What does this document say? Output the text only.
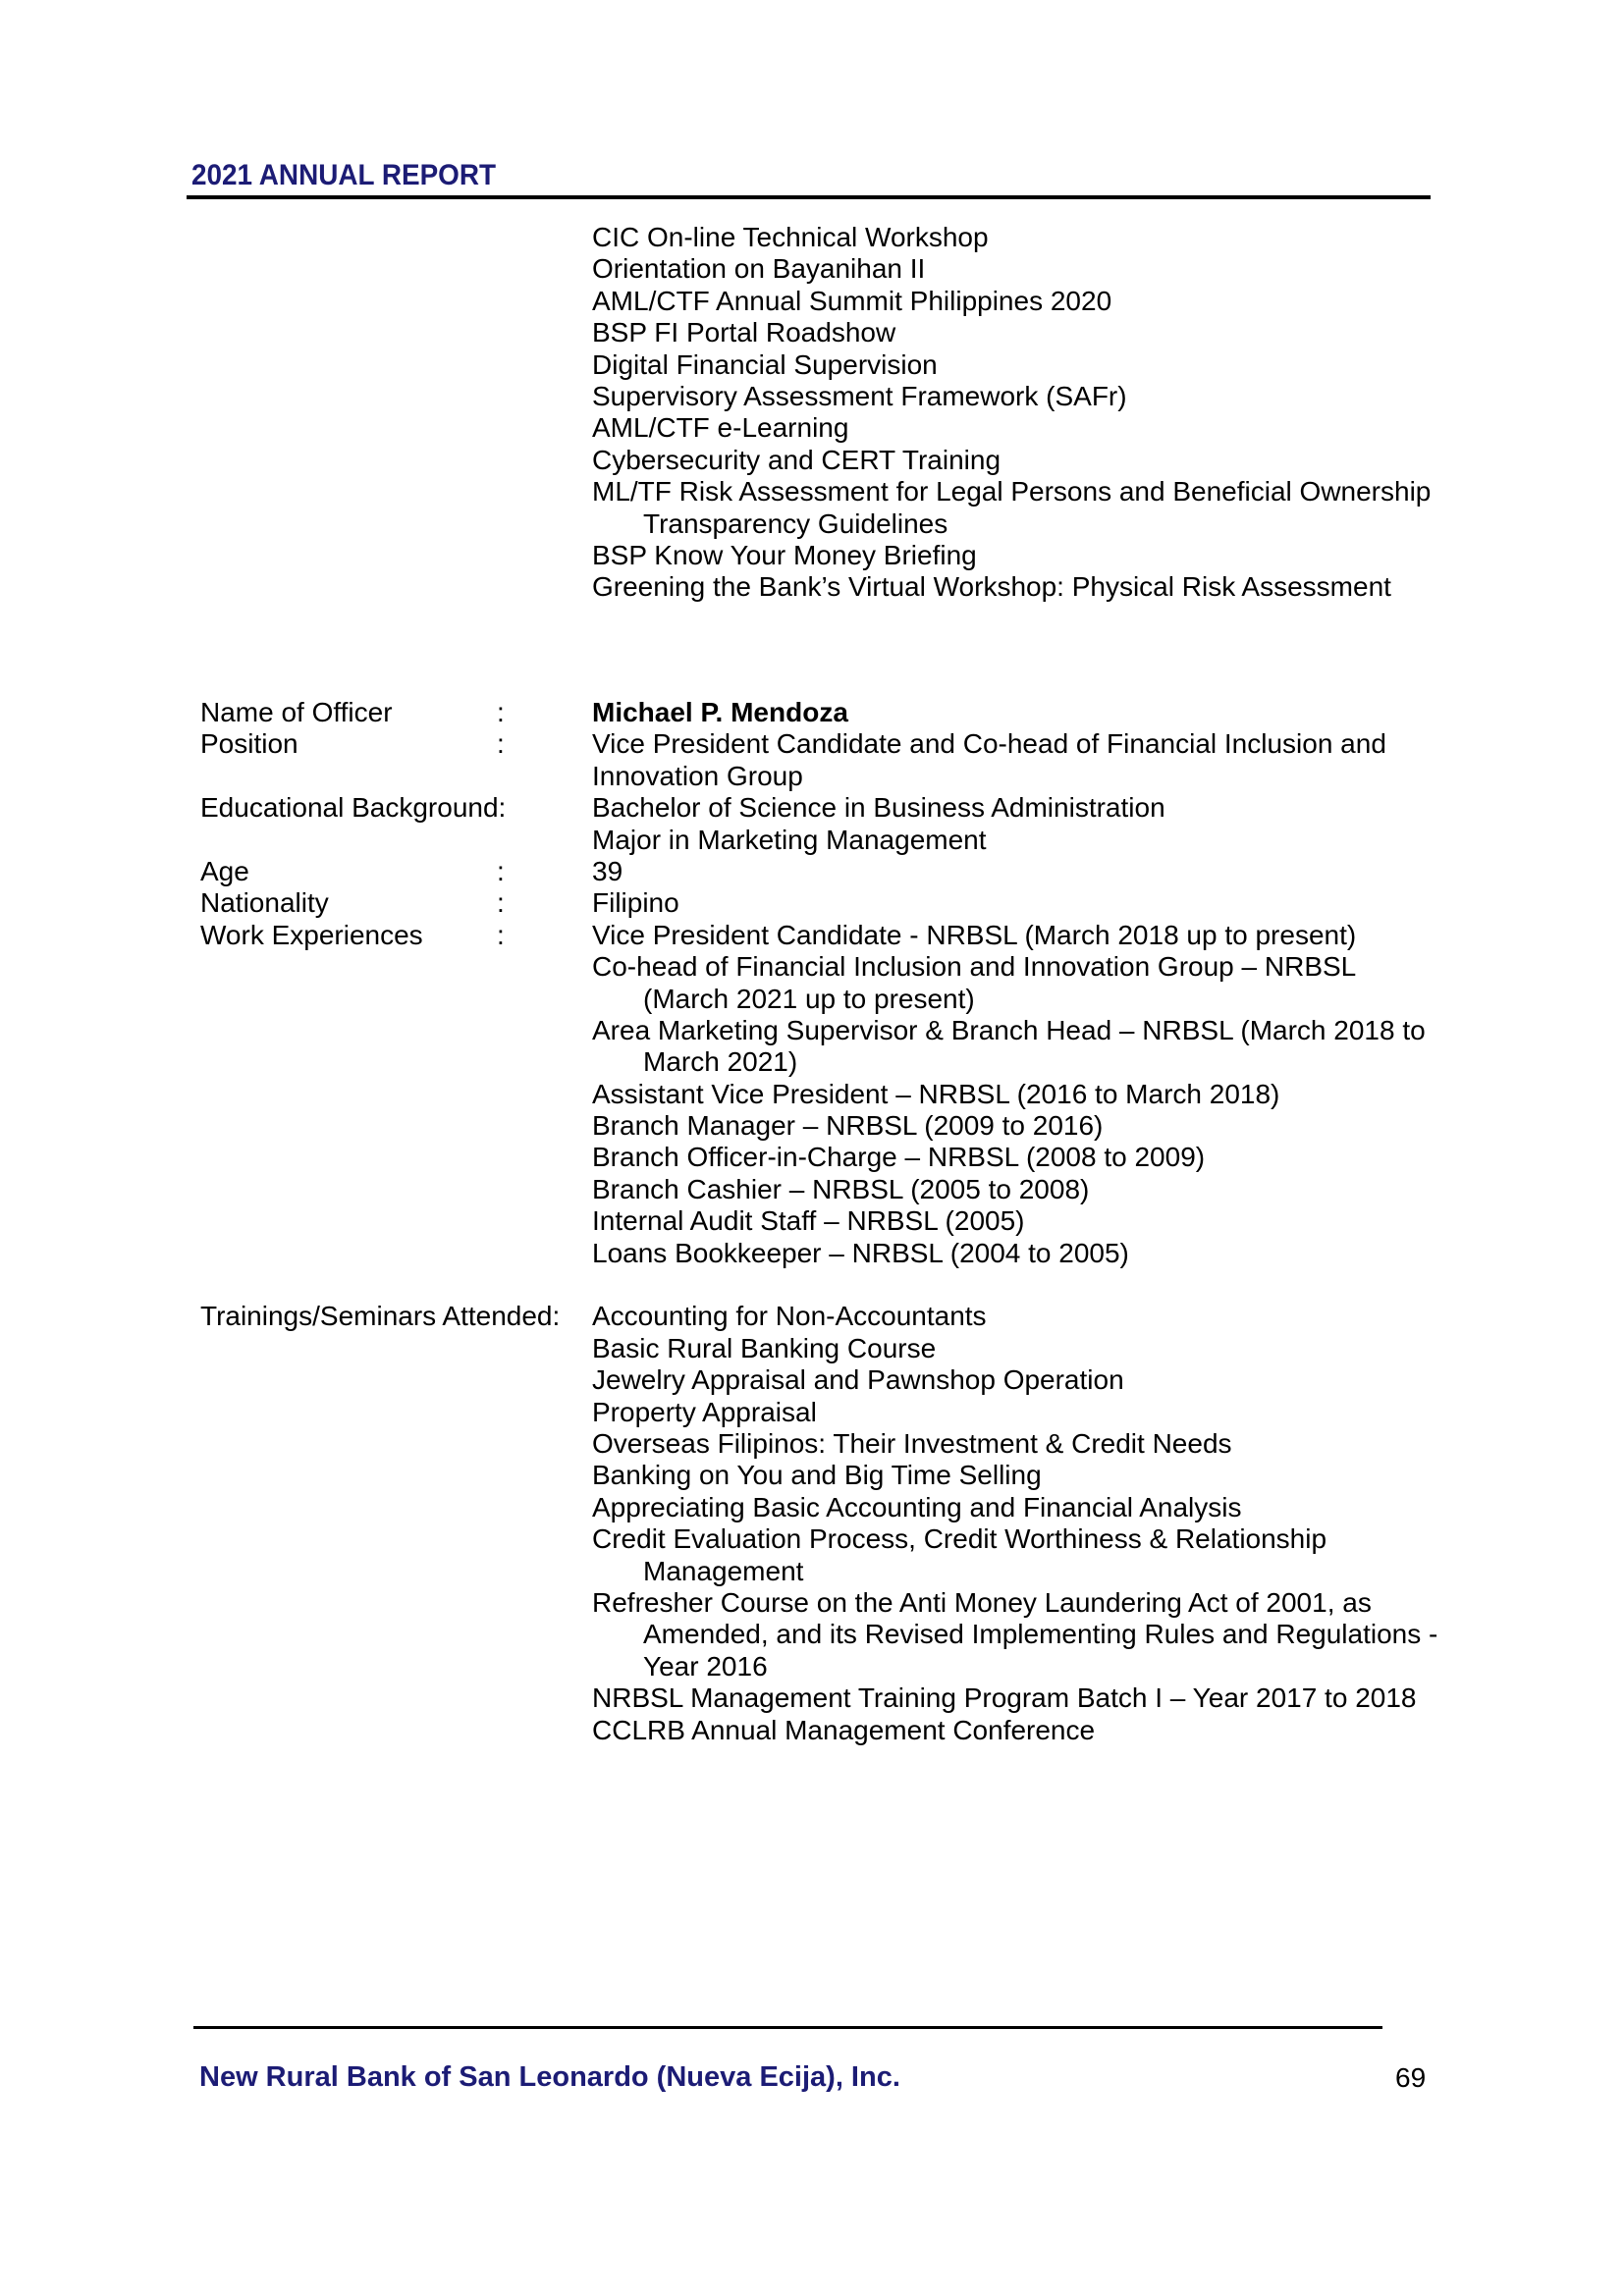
2021 ANNUAL REPORT
CIC On-line Technical Workshop
Orientation on Bayanihan II
AML/CTF Annual Summit Philippines 2020
BSP FI Portal Roadshow
Digital Financial Supervision
Supervisory Assessment Framework (SAFr)
AML/CTF e-Learning
Cybersecurity and CERT Training
ML/TF Risk Assessment for Legal Persons and Beneficial Ownership
Transparency Guidelines
BSP Know Your Money Briefing
Greening the Bank’s Virtual Workshop: Physical Risk Assessment
Name of Officer	:	Michael P. Mendoza
Position	:	Vice President Candidate and Co-head of Financial Inclusion and
Innovation Group
Educational Background:	Bachelor of Science in Business Administration
Major in Marketing Management
Age	:	39
Nationality	:	Filipino
Work Experiences	:	Vice President Candidate - NRBSL (March 2018 up to present)
Co-head of Financial Inclusion and Innovation Group – NRBSL
(March 2021 up to present)
Area Marketing Supervisor & Branch Head – NRBSL (March 2018 to
March 2021)
Assistant Vice President – NRBSL (2016 to March 2018)
Branch Manager – NRBSL (2009 to 2016)
Branch Officer-in-Charge – NRBSL (2008 to 2009)
Branch Cashier – NRBSL (2005 to 2008)
Internal Audit Staff – NRBSL (2005)
Loans Bookkeeper – NRBSL (2004 to 2005)
Trainings/Seminars Attended: Accounting for Non-Accountants
Basic Rural Banking Course
Jewelry Appraisal and Pawnshop Operation
Property Appraisal
Overseas Filipinos: Their Investment & Credit Needs
Banking on You and Big Time Selling
Appreciating Basic Accounting and Financial Analysis
Credit Evaluation Process, Credit Worthiness & Relationship
Management
Refresher Course on the Anti Money Laundering Act of 2001, as
Amended, and its Revised Implementing Rules and Regulations -
Year 2016
NRBSL Management Training Program Batch I – Year 2017 to 2018
CCLRB Annual Management Conference
New Rural Bank of San Leonardo (Nueva Ecija), Inc.	69
